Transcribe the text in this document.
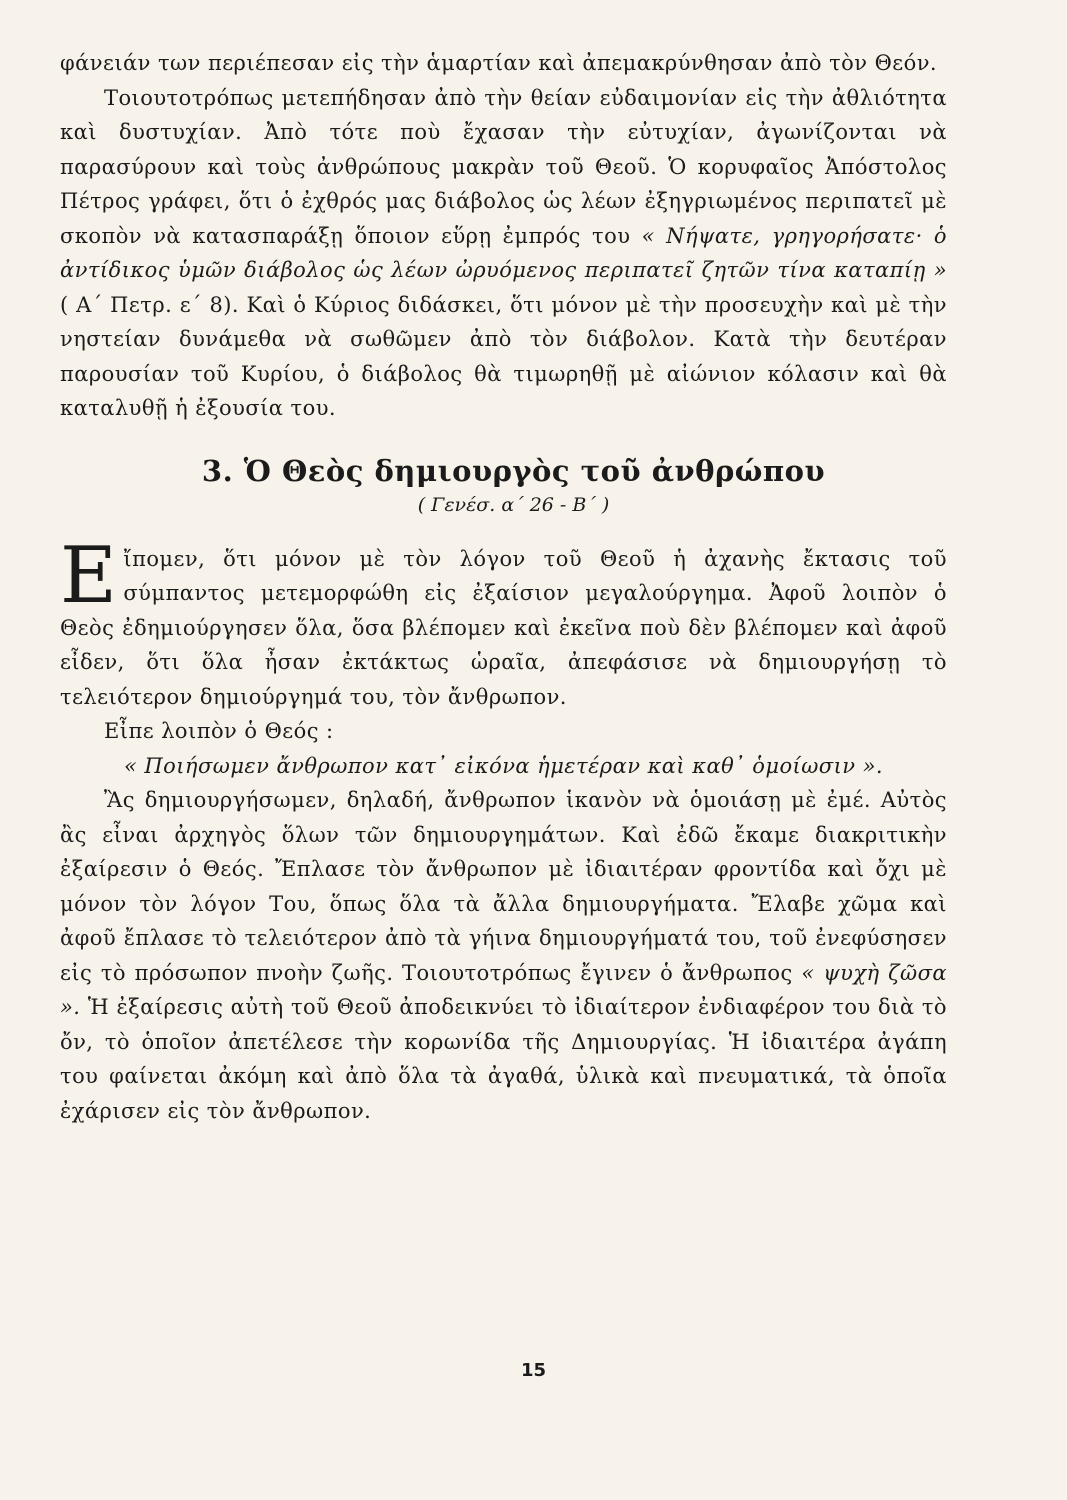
φάνειάν των περιέπεσαν εἰς τὴν ἁμαρτίαν καὶ ἀπεμακρύνθησαν ἀπὸ τὸν Θεόν.

Τοιουτοτρόπως μετεπήδησαν ἀπὸ τὴν θείαν εὐδαιμονίαν εἰς τὴν ἀθλιότητα καὶ δυστυχίαν. Ἀπὸ τότε ποὺ ἔχασαν τὴν εὐτυχίαν, ἀγωνίζονται νὰ παρασύρουν καὶ τοὺς ἀνθρώπους μακρὰν τοῦ Θεοῦ. Ὁ κορυφαῖος Ἀπόστολος Πέτρος γράφει, ὅτι ὁ ἐχθρός μας διάβολος ὡς λέων ἐξηγριωμένος περιπατεῖ μὲ σκοπὸν νὰ κατασπαράξῃ ὅποιον εὕρῃ ἐμπρός του « Νήψατε, γρηγορήσατε· ὁ ἀντίδικος ὑμῶν διάβολος ὡς λέων ὠρυόμενος περιπατεῖ ζητῶν τίνα καταπίῃ » ( Α΄ Πετρ. ε΄ 8). Καὶ ὁ Κύριος διδάσκει, ὅτι μόνον μὲ τὴν προσευχὴν καὶ μὲ τὴν νηστείαν δυνάμεθα νὰ σωθῶμεν ἀπὸ τὸν διάβολον. Κατὰ τὴν δευτέραν παρουσίαν τοῦ Κυρίου, ὁ διάβολος θὰ τιμωρηθῇ μὲ αἰώνιον κόλασιν καὶ θὰ καταλυθῇ ἡ ἐξουσία του.

3. Ὁ Θεὸς δημιουργὸς τοῦ ἀνθρώπου
( Γενέσ. α΄ 26 - Β΄ )

Εἴπομεν, ὅτι μόνον μὲ τὸν λόγον τοῦ Θεοῦ ἡ ἀχανὴς ἔκτασις τοῦ σύμπαντος μετεμορφώθη εἰς ἐξαίσιον μεγαλούργημα. Ἀφοῦ λοιπὸν ὁ Θεὸς ἐδημιούργησεν ὅλα, ὅσα βλέπομεν καὶ ἐκεῖνα ποὺ δὲν βλέπομεν καὶ ἀφοῦ εἶδεν, ὅτι ὅλα ἦσαν ἐκτάκτως ὡραῖα, ἀπεφάσισε νὰ δημιουργήσῃ τὸ τελειότερον δημιούργημά του, τὸν ἄνθρωπον.

Εἶπε λοιπὸν ὁ Θεός :

« Ποιήσωμεν ἄνθρωπον κατ᾿ εἰκόνα ἡμετέραν καὶ καθ᾿ ὁμοίωσιν ».

Ἂς δημιουργήσωμεν, δηλαδή, ἄνθρωπον ἱκανὸν νὰ ὁμοιάσῃ μὲ ἐμέ. Αὐτὸς ἂς εἶναι ἀρχηγὸς ὅλων τῶν δημιουργημάτων. Καὶ ἐδῶ ἔκαμε διακριτικὴν ἐξαίρεσιν ὁ Θεός. Ἔπλασε τὸν ἄνθρωπον μὲ ἰδιαιτέραν φροντίδα καὶ ὄχι μὲ μόνον τὸν λόγον Του, ὅπως ὅλα τὰ ἄλλα δημιουργήματα. Ἔλαβε χῶμα καὶ ἀφοῦ ἔπλασε τὸ τελειότερον ἀπὸ τὰ γήινα δημιουργήματά του, τοῦ ἐνεφύσησεν εἰς τὸ πρόσωπον πνοὴν ζωῆς. Τοιουτοτρόπως ἔγινεν ὁ ἄνθρωπος « ψυχὴ ζῶσα ». Ἡ ἐξαίρεσις αὐτὴ τοῦ Θεοῦ ἀποδεικνύει τὸ ἰδιαίτερον ἐνδιαφέρον του διὰ τὸ ὄν, τὸ ὁποῖον ἀπετέλεσε τὴν κορωνίδα τῆς Δημιουργίας. Ἡ ἰδιαιτέρα ἀγάπη του φαίνεται ἀκόμη καὶ ἀπὸ ὅλα τὰ ἀγαθά, ὑλικὰ καὶ πνευματικά, τὰ ὁποῖα ἐχάρισεν εἰς τὸν ἄνθρωπον.

15
